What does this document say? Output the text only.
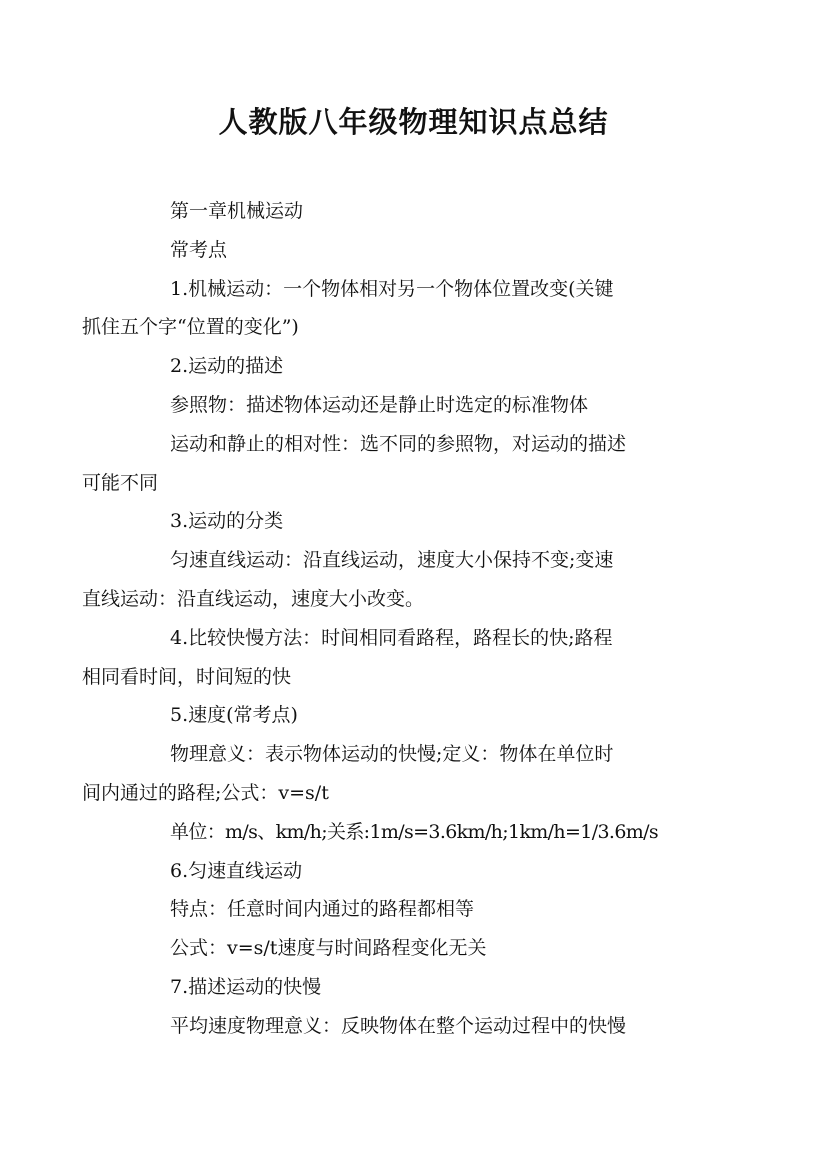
人教版八年级物理知识点总结

第一章机械运动

常考点

1.机械运动：一个物体相对另一个物体位置改变(关键
抓住五个字“位置的变化”)

2.运动的描述

参照物：描述物体运动还是静止时选定的标准物体

运动和静止的相对性：选不同的参照物，对运动的描述
可能不同

3.运动的分类

匀速直线运动：沿直线运动，速度大小保持不变;变速
直线运动：沿直线运动，速度大小改变。

4.比较快慢方法：时间相同看路程，路程长的快;路程
相同看时间，时间短的快

5.速度(常考点)

物理意义：表示物体运动的快慢;定义：物体在单位时
间内通过的路程;公式：v=s/t

单位：m/s、km/h;关系:1m/s=3.6km/h;1km/h=1/3.6m/s

6.匀速直线运动

特点：任意时间内通过的路程都相等

公式：v=s/t速度与时间路程变化无关

7.描述运动的快慢

平均速度物理意义：反映物体在整个运动过程中的快慢
